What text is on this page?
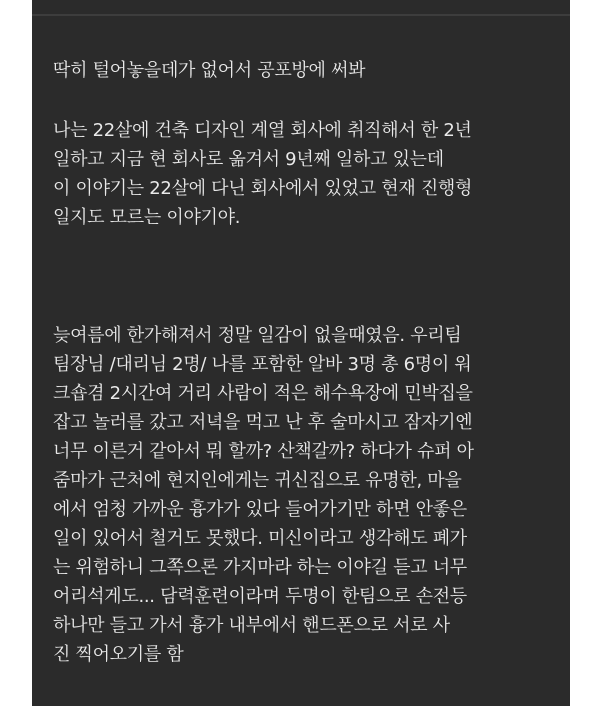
딱히 털어놓을데가 없어서 공포방에 써봐

나는 22살에 건축 디자인 계열 회사에 취직해서 한 2년
일하고 지금 현 회사로 옮겨서 9년째 일하고 있는데
이 이야기는 22살에 다닌 회사에서 있었고 현재 진행형
일지도 모르는 이야기야.

늦여름에 한가해져서 정말 일감이 없을때였음. 우리팀
팀장님 /대리님 2명/ 나를 포함한 알바 3명 총 6명이 워
크숍겸 2시간여 거리 사람이 적은 해수욕장에 민박집을
잡고 놀러를 갔고 저녁을 먹고 난 후 술마시고 잠자기엔
너무 이른거 같아서 뭐 할까? 산책갈까? 하다가 슈퍼 아
줌마가 근처에 현지인에게는 귀신집으로 유명한, 마을
에서 엄청 가까운 흉가가 있다 들어가기만 하면 안좋은
일이 있어서 철거도 못했다. 미신이라고 생각해도 폐가
는 위험하니 그쪽으론 가지마라 하는 이야길 듣고 너무
어리석게도... 담력훈련이라며 두명이 한팀으로 손전등
하나만 들고 가서 흉가 내부에서 핸드폰으로 서로 사
진 찍어오기를 함
